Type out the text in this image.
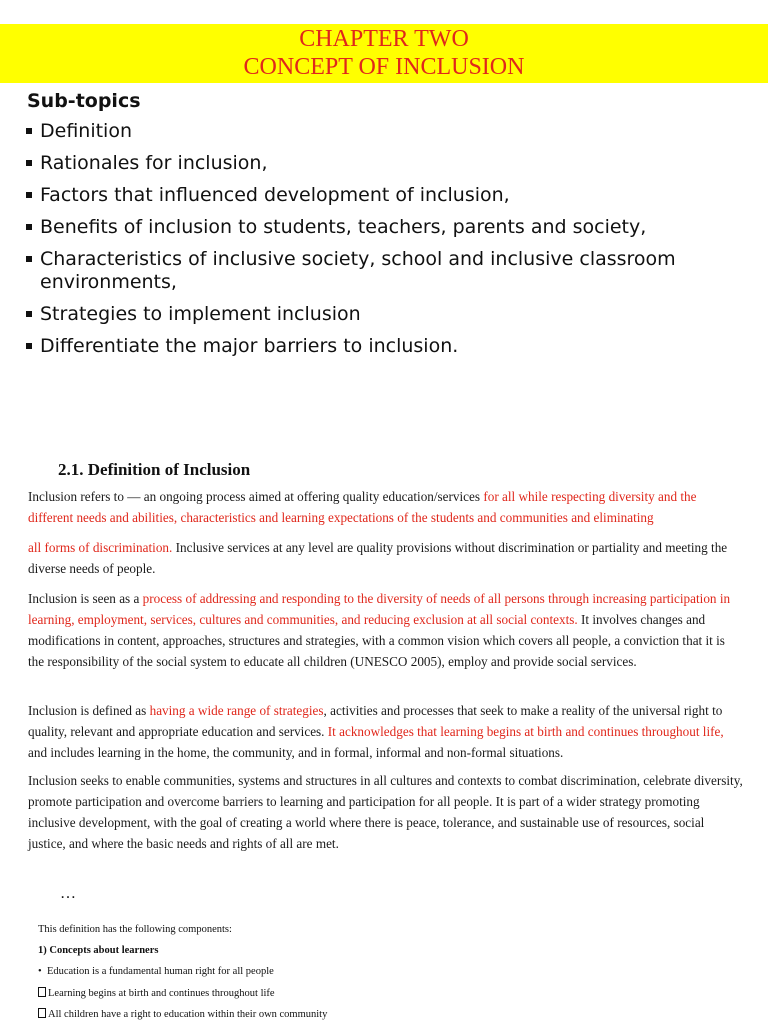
CHAPTER TWO
CONCEPT OF INCLUSION
Sub-topics
Definition
Rationales for inclusion,
Factors that influenced development of inclusion,
Benefits of inclusion to students, teachers, parents and society,
Characteristics of inclusive society, school and inclusive classroom environments,
Strategies to implement inclusion
Differentiate the major barriers to inclusion.
2.1. Definition of Inclusion

Inclusion refers to — an ongoing process aimed at offering quality education/services for all while respecting diversity and the different needs and abilities, characteristics and learning expectations of the students and communities and eliminating

all forms of discrimination. Inclusive services at any level are quality provisions without discrimination or partiality and meeting the diverse needs of people.

Inclusion is seen as a process of addressing and responding to the diversity of needs of all persons through increasing participation in learning, employment, services, cultures and communities, and reducing exclusion at all social contexts. It involves changes and modifications in content, approaches, structures and strategies, with a common vision which covers all people, a conviction that it is the responsibility of the social system to educate all children (UNESCO 2005), employ and provide social services.

Inclusion is defined as having a wide range of strategies, activities and processes that seek to make a reality of the universal right to quality, relevant and appropriate education and services. It acknowledges that learning begins at birth and continues throughout life, and includes learning in the home, the community, and in formal, informal and non-formal situations.

Inclusion seeks to enable communities, systems and structures in all cultures and contexts to combat discrimination, celebrate diversity, promote participation and overcome barriers to learning and participation for all people. It is part of a wider strategy promoting inclusive development, with the goal of creating a world where there is peace, tolerance, and sustainable use of resources, social justice, and where the basic needs and rights of all are met.

…
This definition has the following components:
1) Concepts about learners
•  Education is a fundamental human right for all people
Learning begins at birth and continues throughout life
All children have a right to education within their own community
